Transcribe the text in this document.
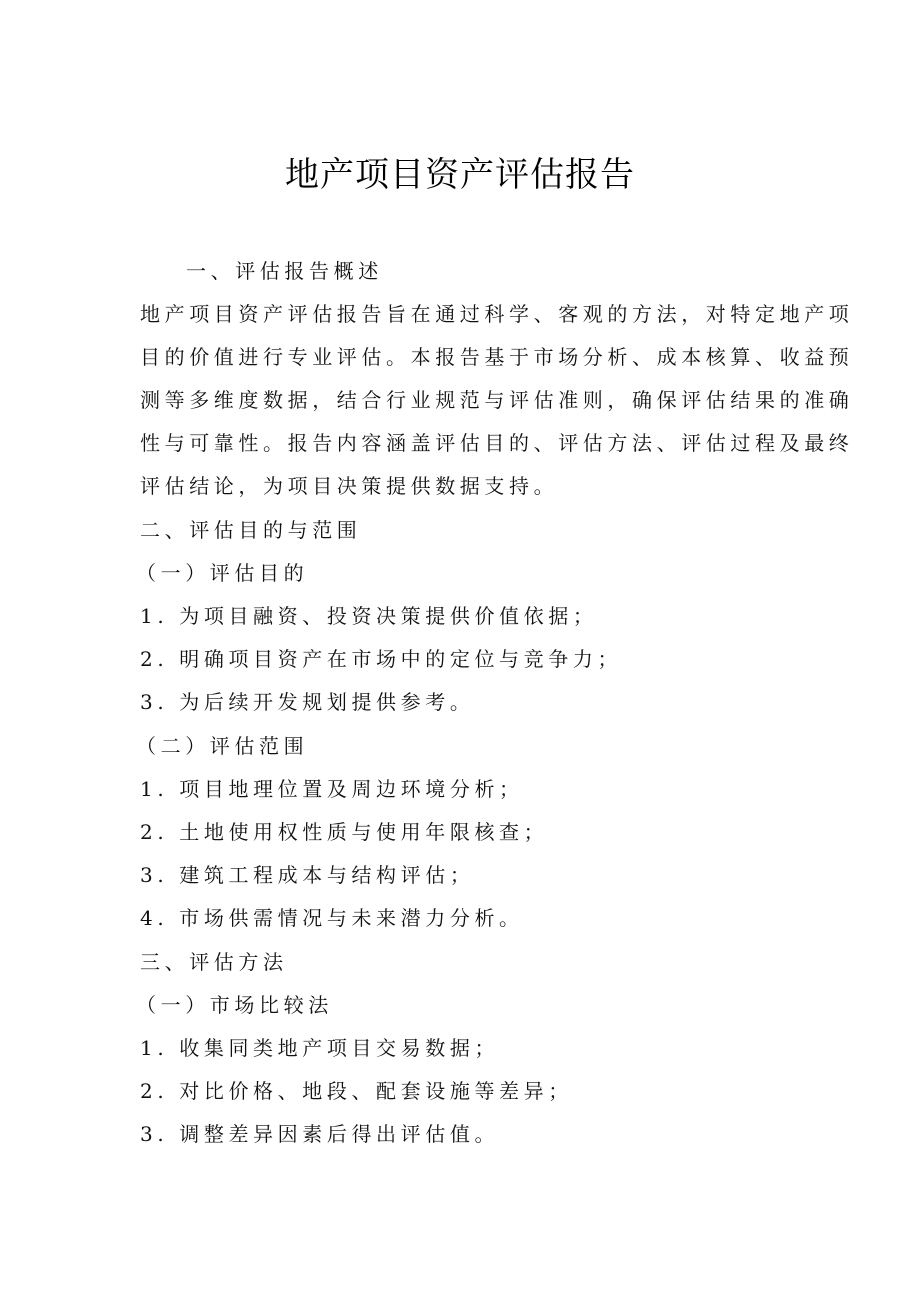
地产项目资产评估报告
一、评估报告概述
地产项目资产评估报告旨在通过科学、客观的方法，对特定地产项
目的价值进行专业评估。本报告基于市场分析、成本核算、收益预
测等多维度数据，结合行业规范与评估准则，确保评估结果的准确
性与可靠性。报告内容涵盖评估目的、评估方法、评估过程及最终
评估结论，为项目决策提供数据支持。
二、评估目的与范围
（一）评估目的
1. 为项目融资、投资决策提供价值依据；
2. 明确项目资产在市场中的定位与竞争力；
3. 为后续开发规划提供参考。
（二）评估范围
1. 项目地理位置及周边环境分析；
2. 土地使用权性质与使用年限核查；
3. 建筑工程成本与结构评估；
4. 市场供需情况与未来潜力分析。
三、评估方法
（一）市场比较法
1. 收集同类地产项目交易数据；
2. 对比价格、地段、配套设施等差异；
3. 调整差异因素后得出评估值。
